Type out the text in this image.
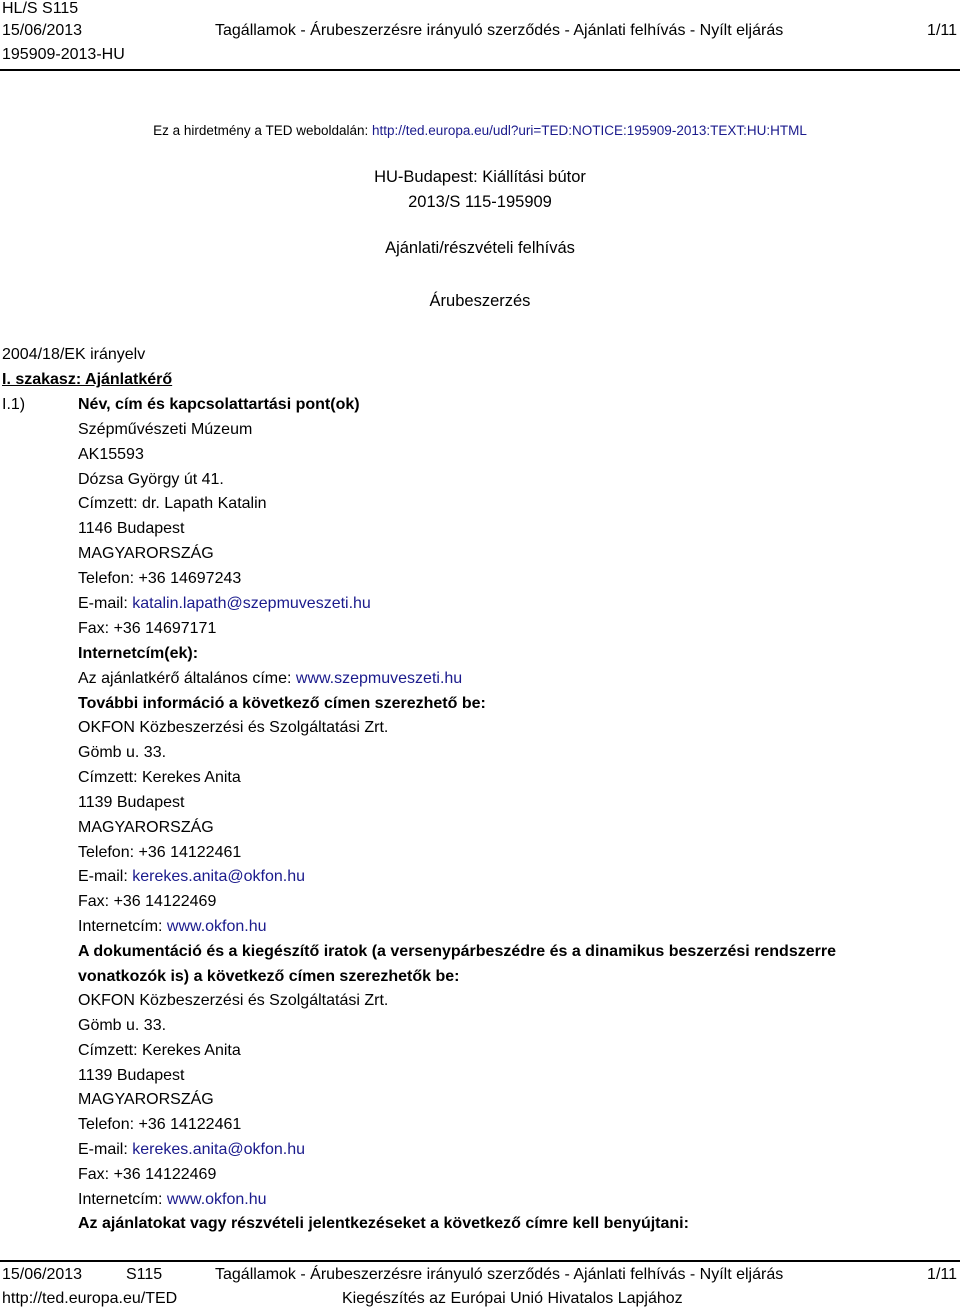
HL/S S115
15/06/2013
195909-2013-HU
Tagállamok - Árubeszerzésre irányuló szerződés - Ajánlati felhívás - Nyílt eljárás	1/11
Ez a hirdetmény a TED weboldalán: http://ted.europa.eu/udl?uri=TED:NOTICE:195909-2013:TEXT:HU:HTML
HU-Budapest: Kiállítási bútor
2013/S 115-195909
Ajánlati/részvételi felhívás
Árubeszerzés
2004/18/EK irányelv
I. szakasz: Ajánlatkérő
I.1)	Név, cím és kapcsolattartási pont(ok)
Szépművészeti Múzeum
AK15593
Dózsa György út 41.
Címzett: dr. Lapath Katalin
1146 Budapest
MAGYARORSZÁG
Telefon: +36 14697243
E-mail: katalin.lapath@szepmuveszeti.hu
Fax: +36 14697171
Internetcím(ek):
Az ajánlatkérő általános címe: www.szepmuveszeti.hu
További információ a következő címen szerezhető be:
OKFON Közbeszerzési és Szolgáltatási Zrt.
Gömb u. 33.
Címzett: Kerekes Anita
1139 Budapest
MAGYARORSZÁG
Telefon: +36 14122461
E-mail: kerekes.anita@okfon.hu
Fax: +36 14122469
Internetcím: www.okfon.hu
A dokumentáció és a kiegészítő iratok (a versenypárbeszédre és a dinamikus beszerzési rendszerre
vonatkozók is) a következő címen szerezhetők be:
OKFON Közbeszerzési és Szolgáltatási Zrt.
Gömb u. 33.
Címzett: Kerekes Anita
1139 Budapest
MAGYARORSZÁG
Telefon: +36 14122461
E-mail: kerekes.anita@okfon.hu
Fax: +36 14122469
Internetcím: www.okfon.hu
Az ajánlatokat vagy részvételi jelentkezéseket a következő címre kell benyújtani:
15/06/2013	S115	Tagállamok - Árubeszerzésre irányuló szerződés - Ajánlati felhívás - Nyílt eljárás	1/11
http://ted.europa.eu/TED	Kiegészítés az Európai Unió Hivatalos Lapjához
